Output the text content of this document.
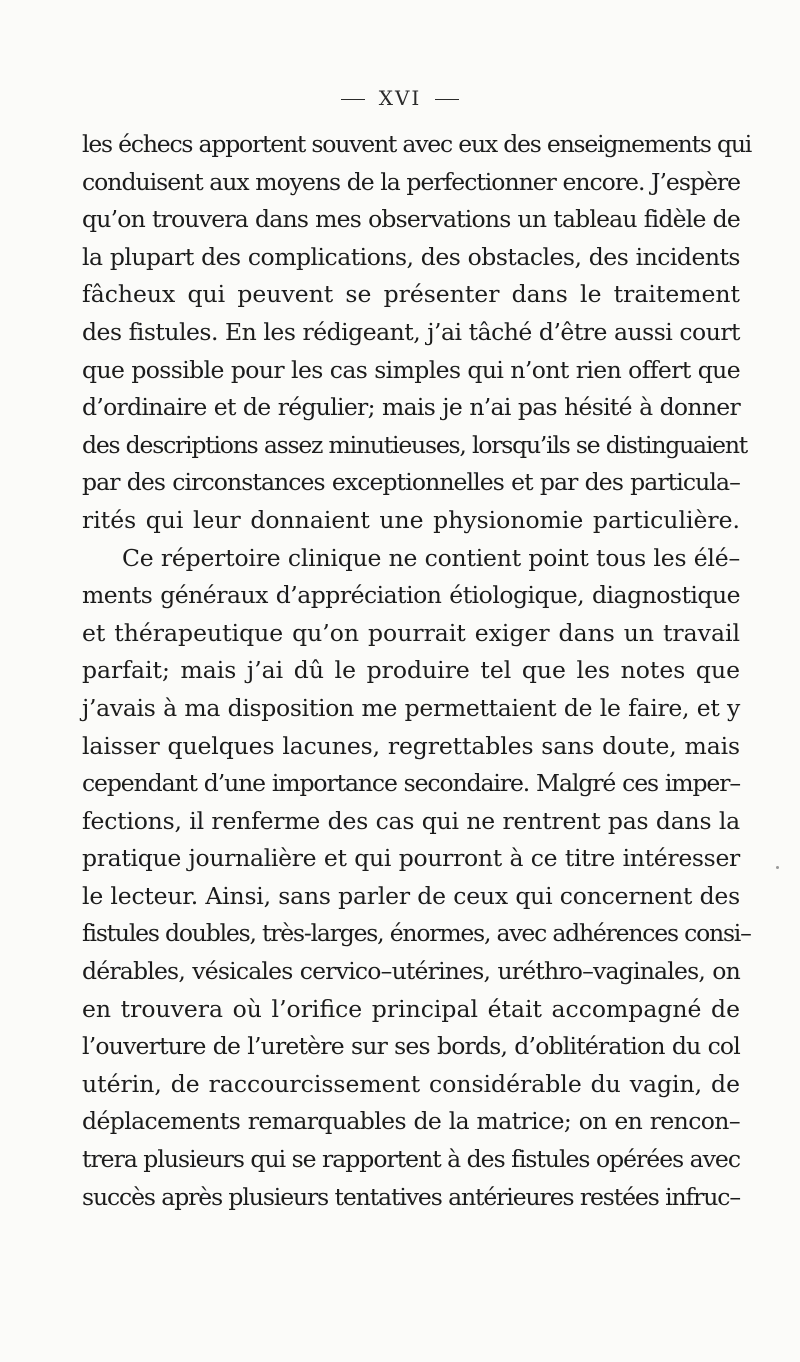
XVI
les échecs apportent souvent avec eux des enseignements qui
conduisent aux moyens de la perfectionner encore. J’espère
qu’on trouvera dans mes observations un tableau fidèle de
la plupart des complications, des obstacles, des incidents
fâcheux qui peuvent se présenter dans le traitement
des fistules. En les rédigeant, j’ai tâché d’être aussi court
que possible pour les cas simples qui n’ont rien offert que
d’ordinaire et de régulier; mais je n’ai pas hésité à donner
des descriptions assez minutieuses, lorsqu’ils se distinguaient
par des circonstances exceptionnelles et par des particula–
rités qui leur donnaient une physionomie particulière.
Ce répertoire clinique ne contient point tous les élé–
ments généraux d’appréciation étiologique, diagnostique
et thérapeutique qu’on pourrait exiger dans un travail
parfait; mais j’ai dû le produire tel que les notes que
j’avais à ma disposition me permettaient de le faire, et y
laisser quelques lacunes, regrettables sans doute, mais
cependant d’une importance secondaire. Malgré ces imper–
fections, il renferme des cas qui ne rentrent pas dans la
pratique journalière et qui pourront à ce titre intéresser
le lecteur. Ainsi, sans parler de ceux qui concernent des
fistules doubles, très-larges, énormes, avec adhérences consi–
dérables, vésicales cervico–utérines, uréthro–vaginales, on
en trouvera où l’orifice principal était accompagné de
l’ouverture de l’uretère sur ses bords, d’oblitération du col
utérin, de raccourcissement considérable du vagin, de
déplacements remarquables de la matrice; on en rencon–
trera plusieurs qui se rapportent à des fistules opérées avec
succès après plusieurs tentatives antérieures restées infruc–
